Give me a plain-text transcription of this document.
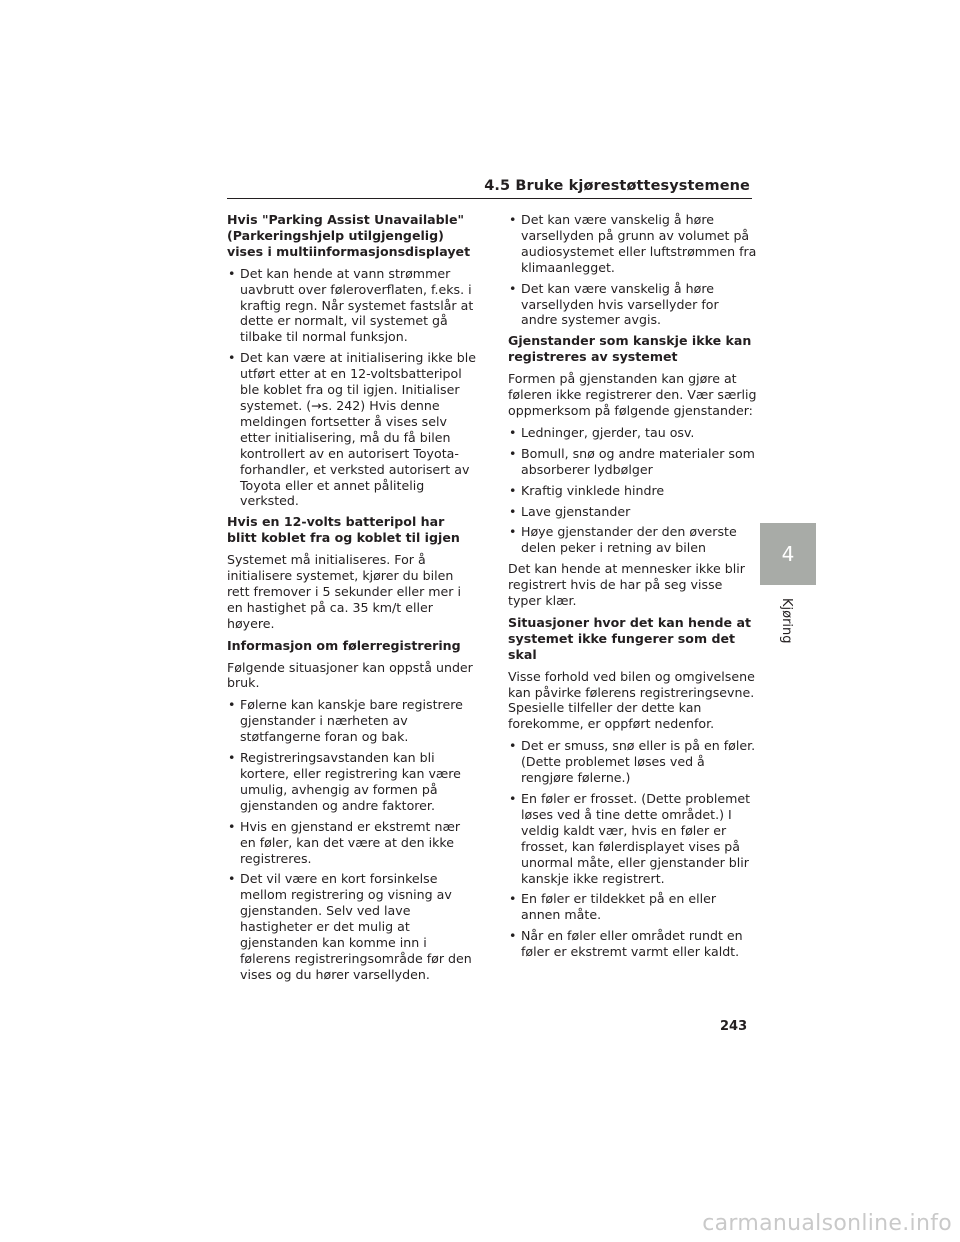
4.5 Bruke kjørestøttesystemene
Hvis "Parking Assist Unavailable" (Parkeringshjelp utilgjengelig) vises i multiinformasjonsdisplayet
• Det kan hende at vann strømmer uavbrutt over føleroverflaten, f.eks. i kraftig regn. Når systemet fastslår at dette er normalt, vil systemet gå tilbake til normal funksjon.
• Det kan være at initialisering ikke ble utført etter at en 12-voltsbatteripol ble koblet fra og til igjen. Initialiser systemet. (→s. 242) Hvis denne meldingen fortsetter å vises selv etter initialisering, må du få bilen kontrollert av en autorisert Toyota-forhandler, et verksted autorisert av Toyota eller et annet pålitelig verksted.
Hvis en 12-volts batteripol har blitt koblet fra og koblet til igjen
Systemet må initialiseres. For å initialisere systemet, kjører du bilen rett fremover i 5 sekunder eller mer i en hastighet på ca. 35 km/t eller høyere.
Informasjon om følerregistrering
Følgende situasjoner kan oppstå under bruk.
• Følerne kan kanskje bare registrere gjenstander i nærheten av støtfangerne foran og bak.
• Registreringsavstanden kan bli kortere, eller registrering kan være umulig, avhengig av formen på gjenstanden og andre faktorer.
• Hvis en gjenstand er ekstremt nær en føler, kan det være at den ikke registreres.
• Det vil være en kort forsinkelse mellom registrering og visning av gjenstanden. Selv ved lave hastigheter er det mulig at gjenstanden kan komme inn i følerens registreringsområde før den vises og du hører varsellyden.
• Det kan være vanskelig å høre varsellyden på grunn av volumet på audiosystemet eller luftstrømmen fra klimaanlegget.
• Det kan være vanskelig å høre varsellyden hvis varsellyder for andre systemer avgis.
Gjenstander som kanskje ikke kan registreres av systemet
Formen på gjenstanden kan gjøre at føleren ikke registrerer den. Vær særlig oppmerksom på følgende gjenstander:
• Ledninger, gjerder, tau osv.
• Bomull, snø og andre materialer som absorberer lydbølger
• Kraftig vinklede hindre
• Lave gjenstander
• Høye gjenstander der den øverste delen peker i retning av bilen
Det kan hende at mennesker ikke blir registrert hvis de har på seg visse typer klær.
Situasjoner hvor det kan hende at systemet ikke fungerer som det skal
Visse forhold ved bilen og omgivelsene kan påvirke følerens registreringsevne. Spesielle tilfeller der dette kan forekomme, er oppført nedenfor.
• Det er smuss, snø eller is på en føler. (Dette problemet løses ved å rengjøre følerne.)
• En føler er frosset. (Dette problemet løses ved å tine dette området.) I veldig kaldt vær, hvis en føler er frosset, kan følerdisplayet vises på unormal måte, eller gjenstander blir kanskje ikke registrert.
• En føler er tildekket på en eller annen måte.
• Når en føler eller området rundt en føler er ekstremt varmt eller kaldt.
4
Kjøring
243
carmanualsonline.info
